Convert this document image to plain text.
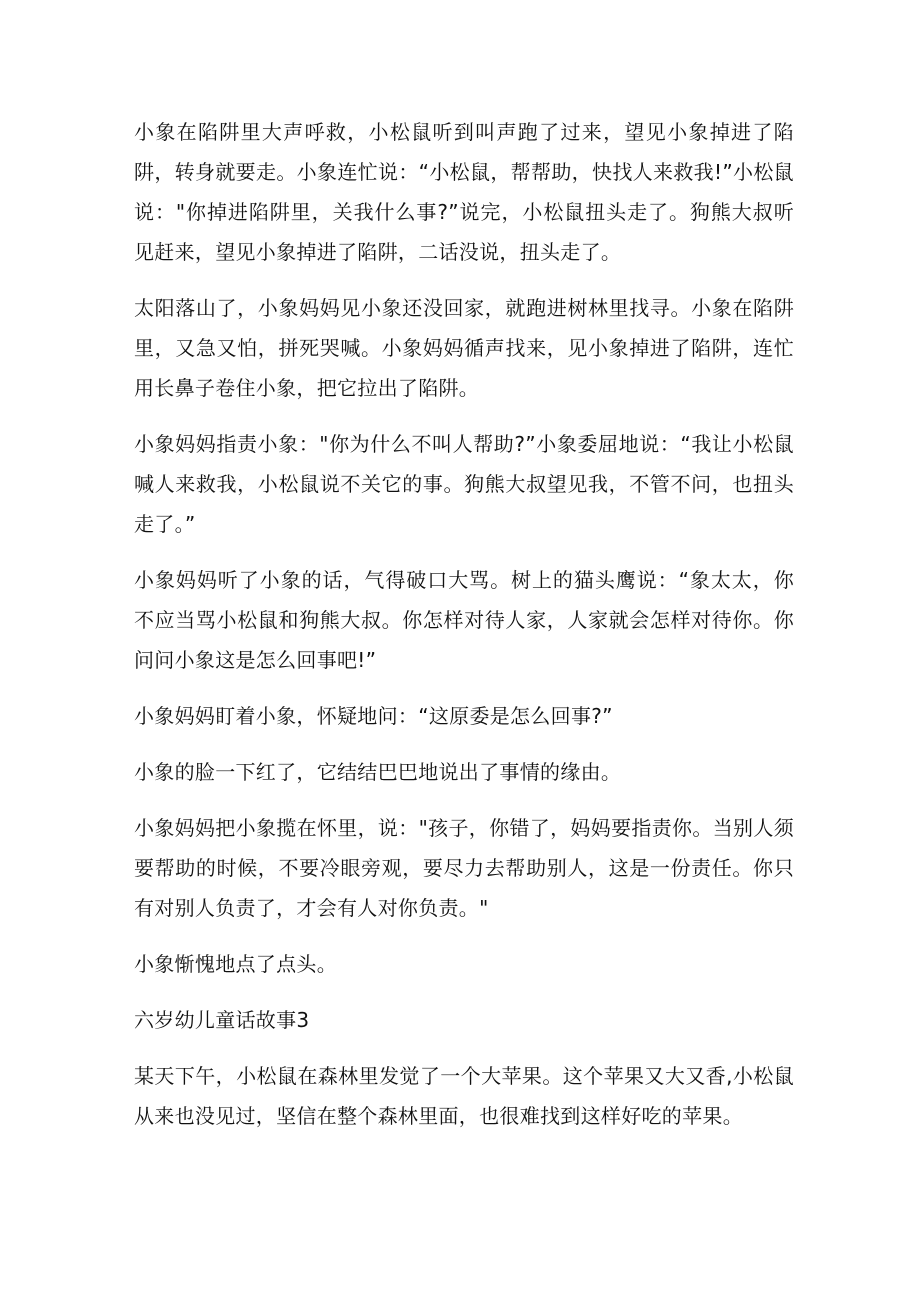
小象在陷阱里大声呼救，小松鼠听到叫声跑了过来，望见小象掉进了陷阱，转身就要走。小象连忙说：“小松鼠，帮帮助，快找人来救我!”小松鼠说："你掉进陷阱里，关我什么事?”说完，小松鼠扭头走了。狗熊大叔听见赶来，望见小象掉进了陷阱，二话没说，扭头走了。

太阳落山了，小象妈妈见小象还没回家，就跑进树林里找寻。小象在陷阱里，又急又怕，拼死哭喊。小象妈妈循声找来，见小象掉进了陷阱，连忙用长鼻子卷住小象，把它拉出了陷阱。

小象妈妈指责小象："你为什么不叫人帮助?”小象委屈地说：“我让小松鼠喊人来救我，小松鼠说不关它的事。狗熊大叔望见我，不管不问，也扭头走了。”

小象妈妈听了小象的话，气得破口大骂。树上的猫头鹰说：“象太太，你不应当骂小松鼠和狗熊大叔。你怎样对待人家，人家就会怎样对待你。你问问小象这是怎么回事吧!”

小象妈妈盯着小象，怀疑地问：“这原委是怎么回事?”

小象的脸一下红了，它结结巴巴地说出了事情的缘由。

小象妈妈把小象揽在怀里，说："孩子，你错了，妈妈要指责你。当别人须要帮助的时候，不要冷眼旁观，要尽力去帮助别人，这是一份责任。你只有对别人负责了，才会有人对你负责。"

小象惭愧地点了点头。

六岁幼儿童话故事3

某天下午，小松鼠在森林里发觉了一个大苹果。这个苹果又大又香,小松鼠从来也没见过，坚信在整个森林里面，也很难找到这样好吃的苹果。
